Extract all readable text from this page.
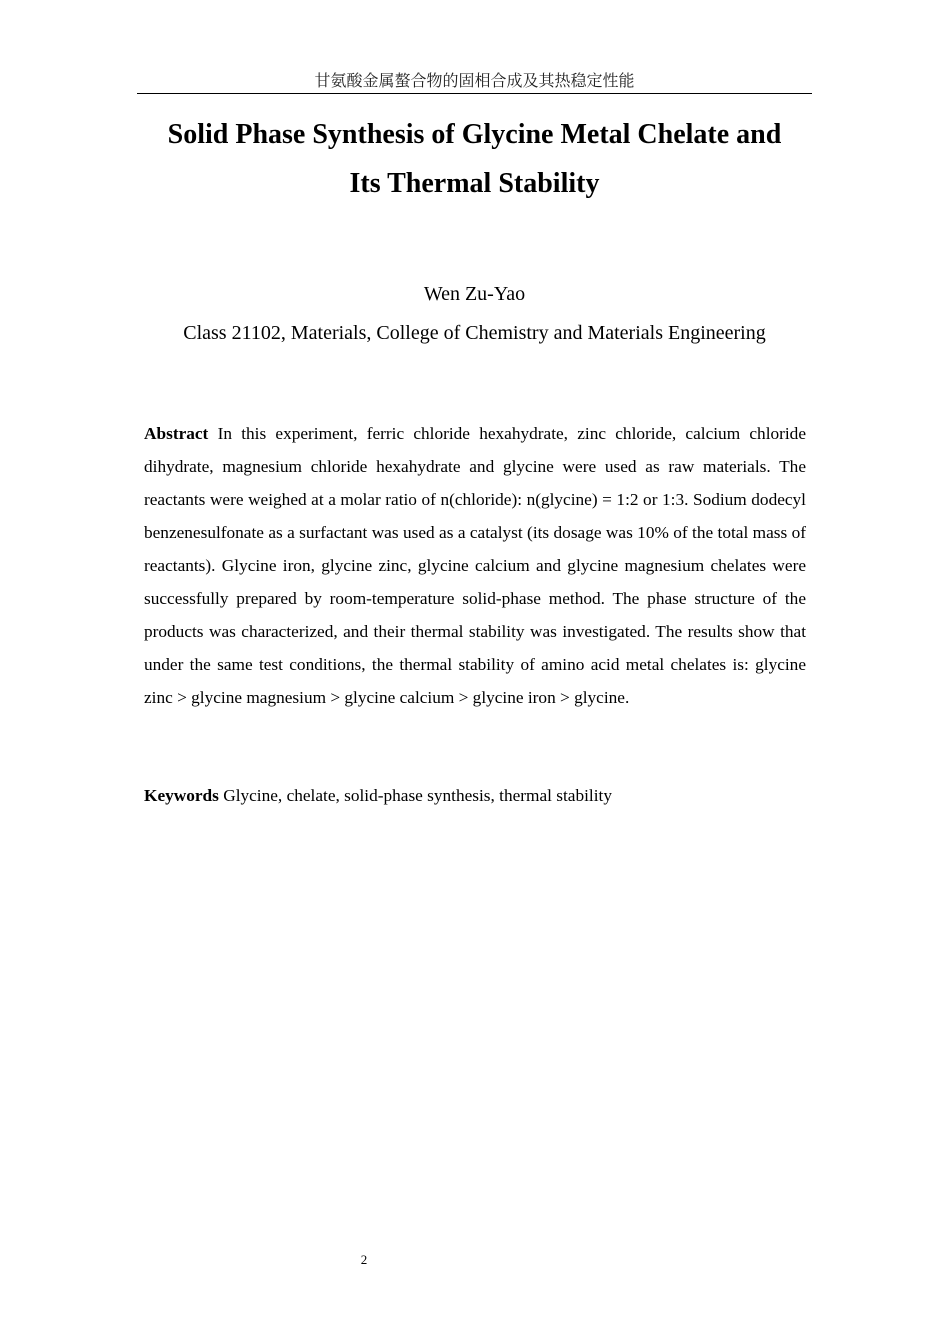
甘氨酸金属螯合物的固相合成及其热稳定性能
Solid Phase Synthesis of Glycine Metal Chelate and
Its Thermal Stability
Wen Zu-Yao
Class 21102, Materials, College of Chemistry and Materials Engineering

Abstract In this experiment, ferric chloride hexahydrate, zinc chloride, calcium chloride dihydrate, magnesium chloride hexahydrate and glycine were used as raw materials. The reactants were weighed at a molar ratio of n(chloride): n(glycine) = 1:2 or 1:3. Sodium dodecyl benzenesulfonate as a surfactant was used as a catalyst (its dosage was 10% of the total mass of reactants). Glycine iron, glycine zinc, glycine calcium and glycine magnesium chelates were successfully prepared by room-temperature solid-phase method. The phase structure of the products was characterized, and their thermal stability was investigated. The results show that under the same test conditions, the thermal stability of amino acid metal chelates is: glycine zinc > glycine magnesium > glycine calcium > glycine iron > glycine.

Keywords Glycine, chelate, solid-phase synthesis, thermal stability

2
